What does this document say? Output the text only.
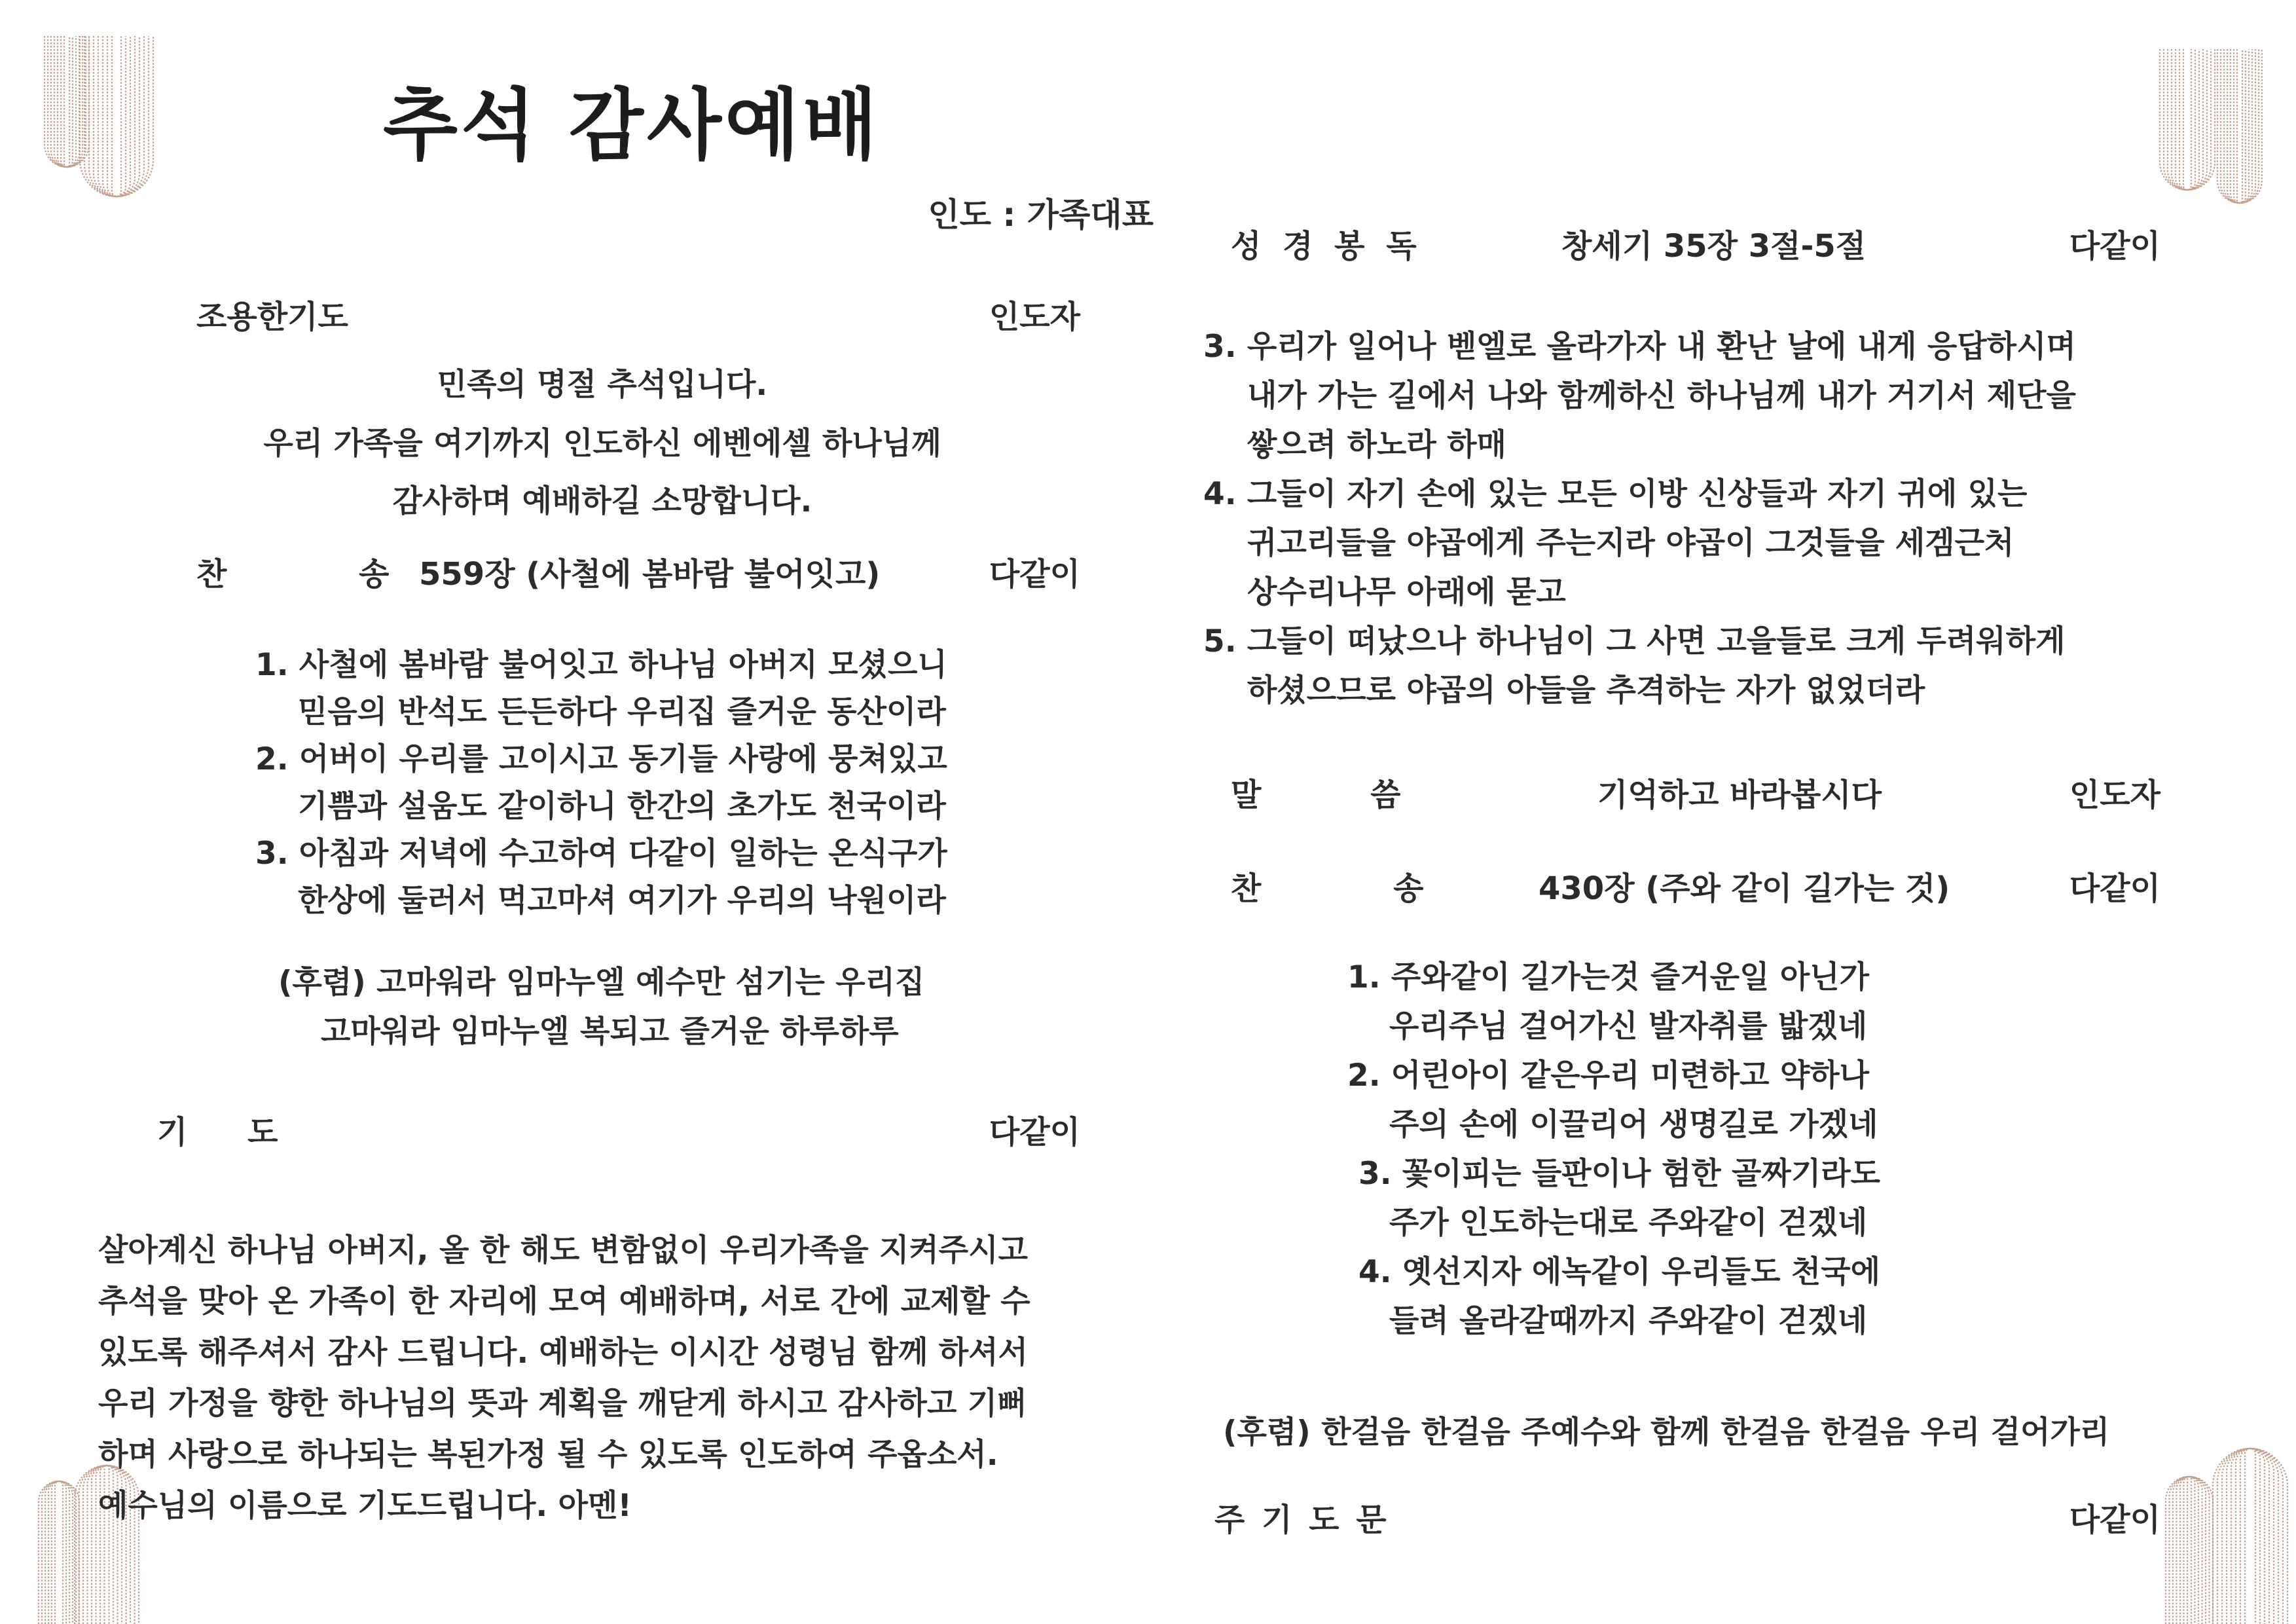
추석 감사예배
인도 : 가족대표
조용한기도	인도자
민족의 명절 추석입니다.
우리 가족을 여기까지 인도하신 에벤에셀 하나님께
감사하며 예배하길 소망합니다.
찬 송 559장 (사철에 봄바람 불어잇고)	다같이
1. 사철에 봄바람 불어잇고 하나님 아버지 모셨으니
믿음의 반석도 든든하다 우리집 즐거운 동산이라
2. 어버이 우리를 고이시고 동기들 사랑에 뭉쳐있고
기쁨과 설움도 같이하니 한간의 초가도 천국이라
3. 아침과 저녁에 수고하여 다같이 일하는 온식구가
한상에 둘러서 먹고마셔 여기가 우리의 낙원이라
(후렴) 고마워라 임마누엘 예수만 섬기는 우리집
고마워라 임마누엘 복되고 즐거운 하루하루
기 도	다같이
살아계신 하나님 아버지, 올 한 해도 변함없이 우리가족을 지켜주시고
추석을 맞아 온 가족이 한 자리에 모여 예배하며, 서로 간에 교제할 수
있도록 해주셔서 감사 드립니다. 예배하는 이시간 성령님 함께 하셔서
우리 가정을 향한 하나님의 뜻과 계획을 깨닫게 하시고 감사하고 기뻐
하며 사랑으로 하나되는 복된가정 될 수 있도록 인도하여 주옵소서.
예수님의 이름으로 기도드립니다. 아멘!
성 경 봉 독	창세기 35장 3절-5절	다같이
3. 우리가 일어나 벧엘로 올라가자 내 환난 날에 내게 응답하시며
내가 가는 길에서 나와 함께하신 하나님께 내가 거기서 제단을
쌓으려 하노라 하매
4. 그들이 자기 손에 있는 모든 이방 신상들과 자기 귀에 있는
귀고리들을 야곱에게 주는지라 야곱이 그것들을 세겜근처
상수리나무 아래에 묻고
5. 그들이 떠났으나 하나님이 그 사면 고을들로 크게 두려워하게
하셨으므로 야곱의 아들을 추격하는 자가 없었더라
말 씀	기억하고 바라봅시다	인도자
찬 송	430장 (주와 같이 길가는 것)	다같이
1. 주와같이 길가는것 즐거운일 아닌가
우리주님 걸어가신 발자취를 밟겠네
2. 어린아이 같은우리 미련하고 약하나
주의 손에 이끌리어 생명길로 가겠네
3. 꽃이피는 들판이나 험한 골짜기라도
주가 인도하는대로 주와같이 걷겠네
4. 옛선지자 에녹같이 우리들도 천국에
들려 올라갈때까지 주와같이 걷겠네
(후렴) 한걸음 한걸음 주예수와 함께 한걸음 한걸음 우리 걸어가리
주 기 도 문	다같이
